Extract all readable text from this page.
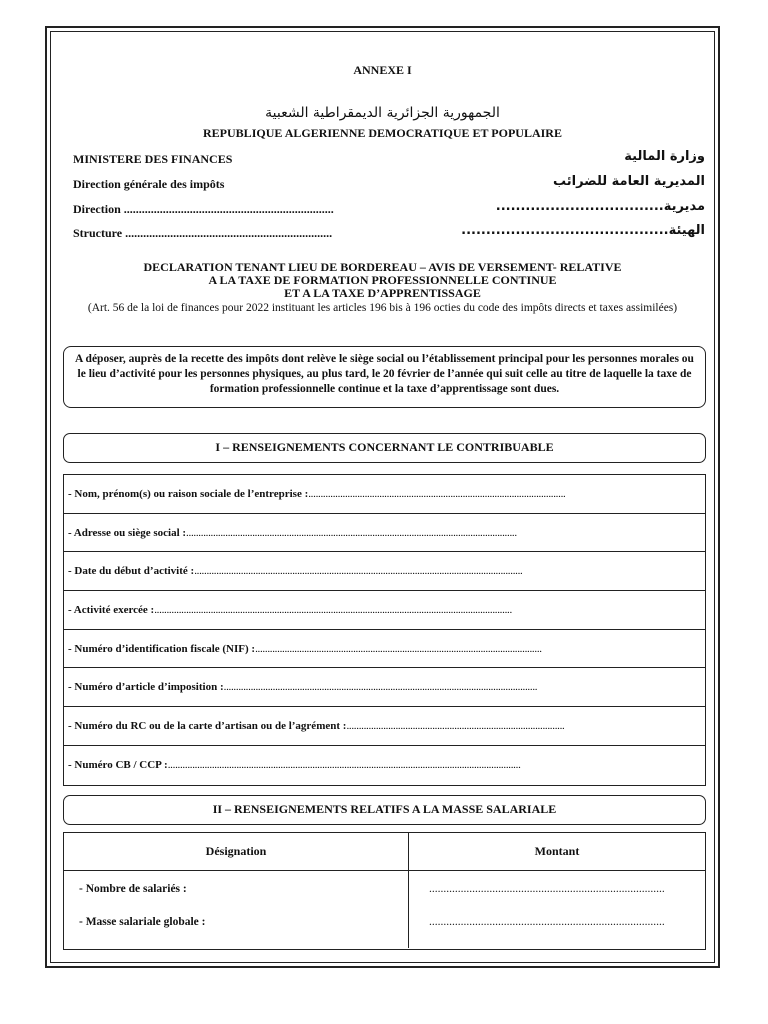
ANNEXE I
الجمهورية الجزائرية الديمقراطية الشعبية
REPUBLIQUE ALGERIENNE DEMOCRATIQUE ET POPULAIRE
MINISTERE DES FINANCES
Direction générale des impôts
Direction ......................................................................
Structure .....................................................................
وزارة المالية
المديرية العامة للضرائب
مديرية..................................
الهيئة..........................................
DECLARATION TENANT LIEU DE BORDEREAU – AVIS DE VERSEMENT- RELATIVE
A LA TAXE DE FORMATION PROFESSIONNELLE CONTINUE
ET A LA TAXE D’APPRENTISSAGE
(Art. 56 de la loi de finances pour 2022 instituant les articles 196 bis à 196 octies du code des impôts directs et taxes assimilées)
A déposer, auprès de la recette des impôts dont relève le siège social ou l’établissement principal pour les personnes morales ou le lieu d’activité pour les personnes physiques, au plus tard, le 20 février de l’année qui suit celle au titre de laquelle la taxe de formation professionnelle continue et la taxe d’apprentissage sont dues.
I – RENSEIGNEMENTS CONCERNANT LE CONTRIBUABLE
- Nom, prénom(s) ou raison sociale de l’entreprise : .........................................................................................................
- Adresse ou siège social : .......................................................................................................................................
- Date du début d’activité : ......................................................................................................................................
- Activité exercée : ..................................................................................................................................................
- Numéro d’identification fiscale (NIF) : .....................................................................................................................
- Numéro d’article d’imposition : ................................................................................................................................
- Numéro du RC ou de la carte d’artisan ou de l’agrément : .........................................................................................
- Numéro CB / CCP : ................................................................................................................................................
II – RENSEIGNEMENTS RELATIFS A LA MASSE SALARIALE
Désignation	Montant
- Nombre de salariés :
- Masse salariale globale :
..................................................................................
..................................................................................
